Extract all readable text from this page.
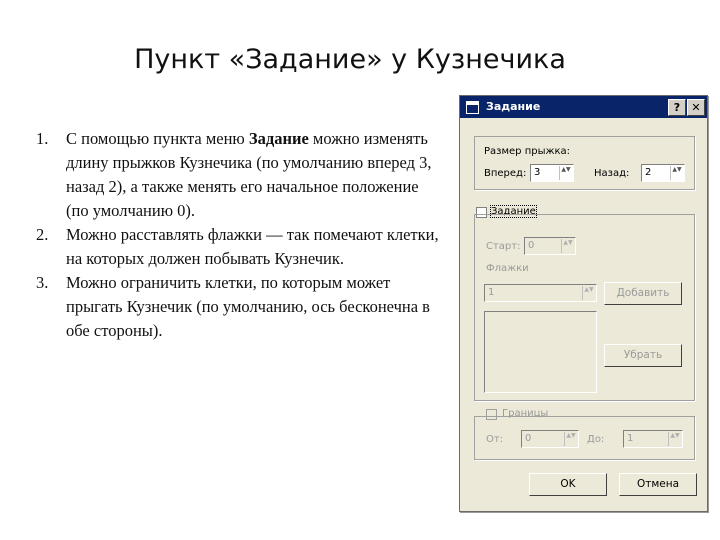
Пункт «Задание» у Кузнечика
1. С помощью пункта меню Задание можно изменять длину прыжков Кузнечика (по умолчанию вперед 3, назад 2), а также менять его начальное положение (по умолчанию 0).
2. Можно расставлять флажки — так помечают клетки, на которых должен побывать Кузнечик.
3. Можно ограничить клетки, по которым может прыгать Кузнечик (по умолчанию, ось бесконечна в обе стороны).
Задание	?	✕
Размер прыжка:
Вперед: 3	▲▼ Назад: 2	▲▼
Задание
Старт: 0	▲▼
Флажки
1	▲▼	Добавить
Убрать
Границы
От: 0	▲▼ До: 1	▲▼
OK	Отмена
